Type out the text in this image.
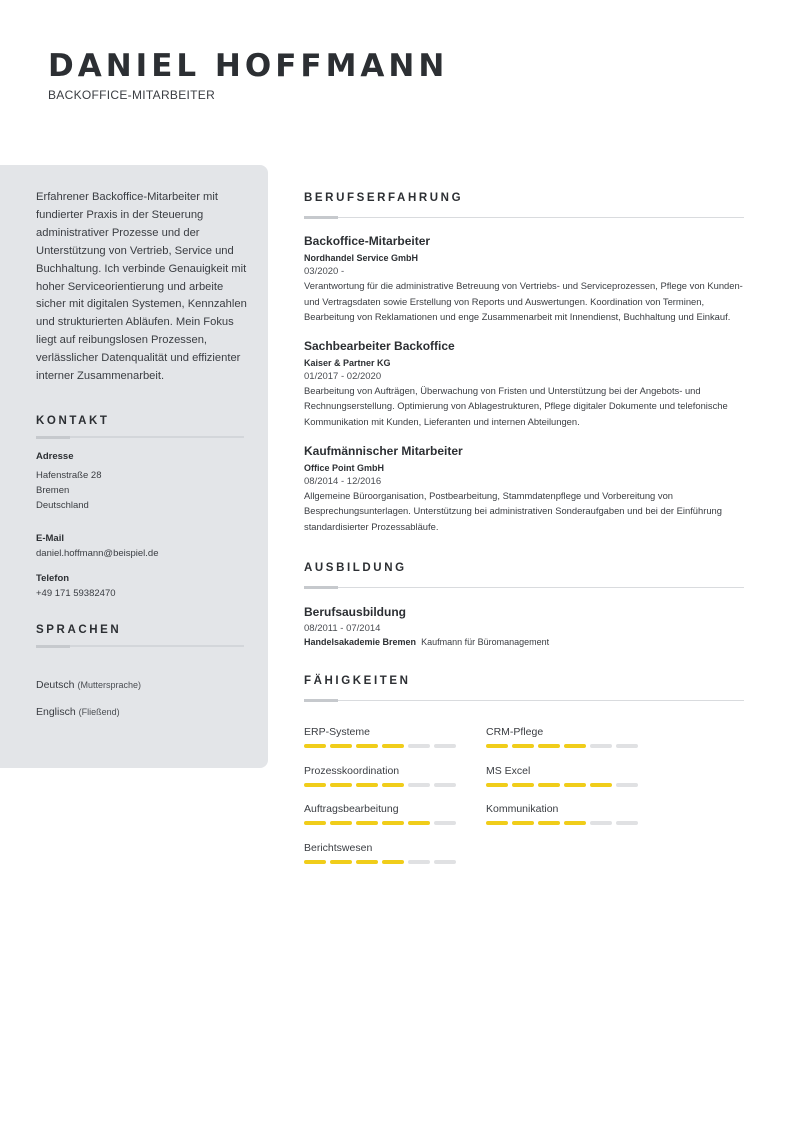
DANIEL HOFFMANN
BACKOFFICE-MITARBEITER
Erfahrener Backoffice-Mitarbeiter mit fundierter Praxis in der Steuerung administrativer Prozesse und der Unterstützung von Vertrieb, Service und Buchhaltung. Ich verbinde Genauigkeit mit hoher Serviceorientierung und arbeite sicher mit digitalen Systemen, Kennzahlen und strukturierten Abläufen. Mein Fokus liegt auf reibungslosen Prozessen, verlässlicher Datenqualität und effizienter interner Zusammenarbeit.
KONTAKT
Adresse
Hafenstraße 28
Bremen
Deutschland
E-Mail
daniel.hoffmann@beispiel.de
Telefon
+49 171 59382470
SPRACHEN
Deutsch (Muttersprache)
Englisch (Fließend)
BERUFSERFAHRUNG
Backoffice-Mitarbeiter
Nordhandel Service GmbH
03/2020 -
Verantwortung für die administrative Betreuung von Vertriebs- und Serviceprozessen, Pflege von Kunden- und Vertragsdaten sowie Erstellung von Reports und Auswertungen. Koordination von Terminen, Bearbeitung von Reklamationen und enge Zusammenarbeit mit Innendienst, Buchhaltung und Einkauf.
Sachbearbeiter Backoffice
Kaiser & Partner KG
01/2017 - 02/2020
Bearbeitung von Aufträgen, Überwachung von Fristen und Unterstützung bei der Angebots- und Rechnungserstellung. Optimierung von Ablagestrukturen, Pflege digitaler Dokumente und telefonische Kommunikation mit Kunden, Lieferanten und internen Abteilungen.
Kaufmännischer Mitarbeiter
Office Point GmbH
08/2014 - 12/2016
Allgemeine Büroorganisation, Postbearbeitung, Stammdatenpflege und Vorbereitung von Besprechungsunterlagen. Unterstützung bei administrativen Sonderaufgaben und bei der Einführung standardisierter Prozessabläufe.
AUSBILDUNG
Berufsausbildung
08/2011 - 07/2014
Handelsakademie Bremen Kaufmann für Büromanagement
FÄHIGKEITEN
ERP-Systeme	CRM-Pflege
Prozesskoordination	MS Excel
Auftragsbearbeitung	Kommunikation
Berichtswesen
